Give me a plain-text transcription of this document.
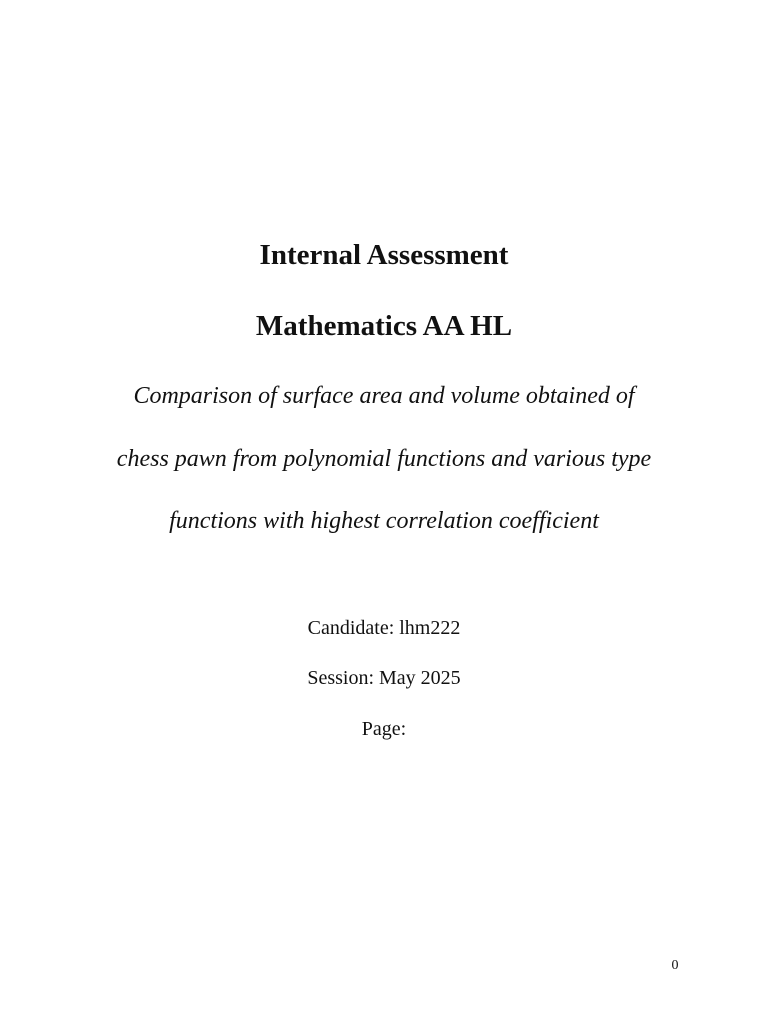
Internal Assessment
Mathematics AA HL
Comparison of surface area and volume obtained of
chess pawn from polynomial functions and various type
functions with highest correlation coefficient
Candidate: lhm222
Session: May 2025
Page:
0
